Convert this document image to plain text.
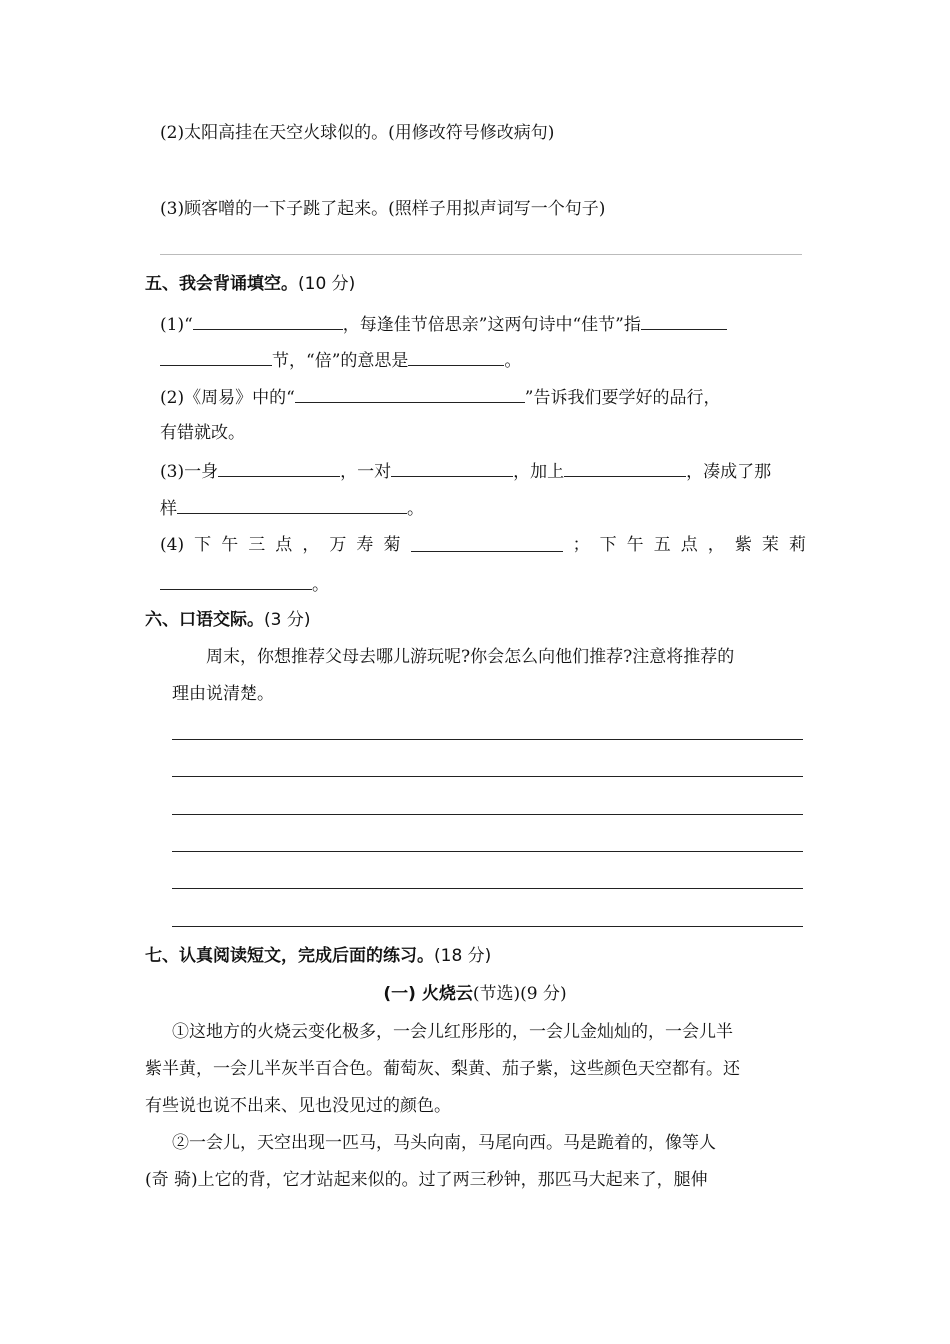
(2)太阳高挂在天空火球似的。(用修改符号修改病句)
(3)顾客噌的一下子跳了起来。(照样子用拟声词写一个句子)
五、我会背诵填空。(10 分)
(1)“	，每逢佳节倍思亲”这两句诗中“佳节”指
节，“倍”的意思是	。
(2)《周易》中的“	”告诉我们要学好的品行，
有错就改。
(3)一身	，一对	，加上	，凑成了那
样	。
(4) 下 午 三 点 ， 万 寿 菊	； 下 午 五 点 ， 紫 茉 莉
。
六、口语交际。(3 分)
周末，你想推荐父母去哪儿游玩呢?你会怎么向他们推荐?注意将推荐的
理由说清楚。
七、认真阅读短文，完成后面的练习。(18 分)
(一) 火烧云(节选)(9 分)
①这地方的火烧云变化极多，一会儿红彤彤的，一会儿金灿灿的，一会儿半
紫半黄，一会儿半灰半百合色。葡萄灰、梨黄、茄子紫，这些颜色天空都有。还
有些说也说不出来、见也没见过的颜色。
②一会儿，天空出现一匹马，马头向南，马尾向西。马是跪着的，像等人
(奇 骑)上它的背，它才站起来似的。过了两三秒钟，那匹马大起来了，腿伸
